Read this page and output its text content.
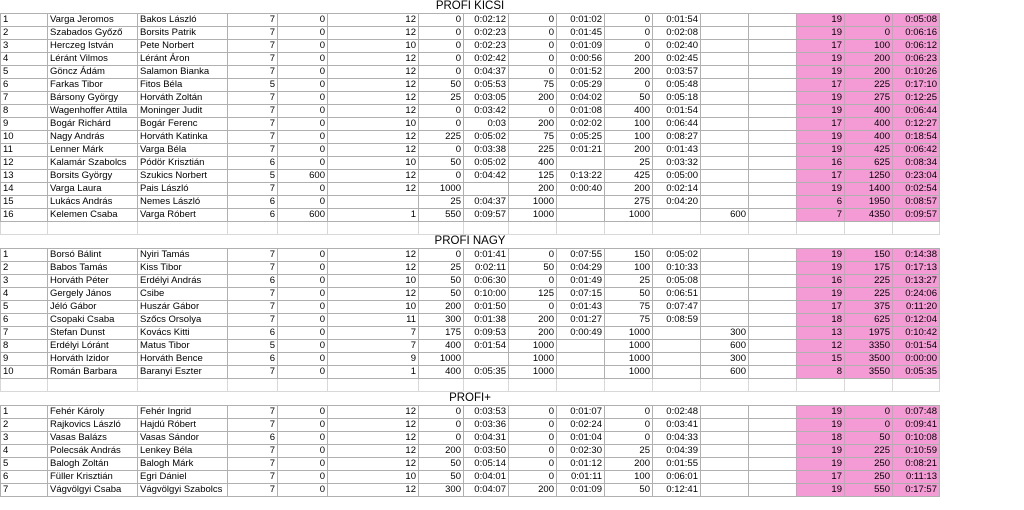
PROFI KICSI																
1	Varga Jeromos	Bakos László	7	0	12	0	0:02:12	0	0:01:02	0	0:01:54			19	0	0:05:08
2	Szabados Győző	Borsits Patrik	7	0	12	0	0:02:23	0	0:01:45	0	0:02:08			19	0	0:06:16
3	Herczeg István	Pete Norbert	7	0	10	0	0:02:23	0	0:01:09	0	0:02:40			17	100	0:06:12
4	Léránt Vilmos	Léránt Áron	7	0	12	0	0:02:42	0	0:00:56	200	0:02:45			19	200	0:06:23
5	Göncz Ádám	Salamon Bianka	7	0	12	0	0:04:37	0	0:01:52	200	0:03:57			19	200	0:10:26
6	Farkas Tibor	Fitos Béla	5	0	12	50	0:05:53	75	0:05:29	0	0:05:48			17	225	0:17:10
7	Bársony György	Horváth Zoltán	7	0	12	25	0:03:05	200	0:04:02	50	0:05:18			19	275	0:12:25
8	Wagenhoffer Attila	Moninger Judit	7	0	12	0	0:03:42	0	0:01:08	400	0:01:54			19	400	0:06:44
9	Bogár Richárd	Bogár Ferenc	7	0	10	0	0:03	200	0:02:02	100	0:06:44			17	400	0:12:27
10	Nagy András	Horváth Katinka	7	0	12	225	0:05:02	75	0:05:25	100	0:08:27			19	400	0:18:54
11	Lenner Márk	Varga Béla	7	0	12	0	0:03:38	225	0:01:21	200	0:01:43			19	425	0:06:42
12	Kalamár Szabolcs	Pódör Krisztián	6	0	10	50	0:05:02	400		25	0:03:32			16	625	0:08:34
13	Borsits György	Szukics Norbert	5	600	12	0	0:04:42	125	0:13:22	425	0:05:00			17	1250	0:23:04
14	Varga Laura	Pais László	7	0	12	1000		200	0:00:40	200	0:02:14			19	1400	0:02:54
15	Lukács András	Nemes László	6	0		25	0:04:37	1000		275	0:04:20			6	1950	0:08:57
16	Kelemen Csaba	Varga Róbert	6	600	1	550	0:09:57	1000		1000		600		7	4350	0:09:57

PROFI NAGY																
1	Borsó Bálint	Nyiri Tamás	7	0	12	0	0:01:41	0	0:07:55	150	0:05:02			19	150	0:14:38
2	Babos Tamás	Kiss Tibor	7	0	12	25	0:02:11	50	0:04:29	100	0:10:33			19	175	0:17:13
3	Horváth Péter	Erdélyi András	6	0	10	50	0:06:30	0	0:01:49	25	0:05:08			16	225	0:13:27
4	Gergely János	Csibe	7	0	12	50	0:10:00	125	0:07:15	50	0:06:51			19	225	0:24:06
5	Jéló Gábor	Huszár Gábor	7	0	10	200	0:01:50	0	0:01:43	75	0:07:47			17	375	0:11:20
6	Csopaki Csaba	Szőcs Orsolya	7	0	11	300	0:01:38	200	0:01:27	75	0:08:59			18	625	0:12:04
7	Stefan Dunst	Kovács Kitti	6	0	7	175	0:09:53	200	0:00:49	1000		300		13	1975	0:10:42
8	Erdélyi Lóránt	Matus Tibor	5	0	7	400	0:01:54	1000		1000		600		12	3350	0:01:54
9	Horváth Izidor	Horváth Bence	6	0	9	1000		1000		1000		300		15	3500	0:00:00
10	Román Barbara	Baranyi Eszter	7	0	1	400	0:05:35	1000		1000		600		8	3550	0:05:35

PROFI+																
1	Fehér Károly	Fehér Ingrid	7	0	12	0	0:03:53	0	0:01:07	0	0:02:48			19	0	0:07:48
2	Rajkovics László	Hajdú Róbert	7	0	12	0	0:03:36	0	0:02:24	0	0:03:41			19	0	0:09:41
3	Vasas Balázs	Vasas Sándor	6	0	12	0	0:04:31	0	0:01:04	0	0:04:33			18	50	0:10:08
4	Polecsák András	Lenkey Béla	7	0	12	200	0:03:50	0	0:02:30	25	0:04:39			19	225	0:10:59
5	Balogh Zoltán	Balogh Márk	7	0	12	50	0:05:14	0	0:01:12	200	0:01:55			19	250	0:08:21
6	Füller Krisztián	Egri Dániel	7	0	10	50	0:04:01	0	0:01:11	100	0:06:01			17	250	0:11:13
7	Vágvölgyi Csaba	Vágvölgyi Szabolcs	7	0	12	300	0:04:07	200	0:01:09	50	0:12:41			19	550	0:17:57
